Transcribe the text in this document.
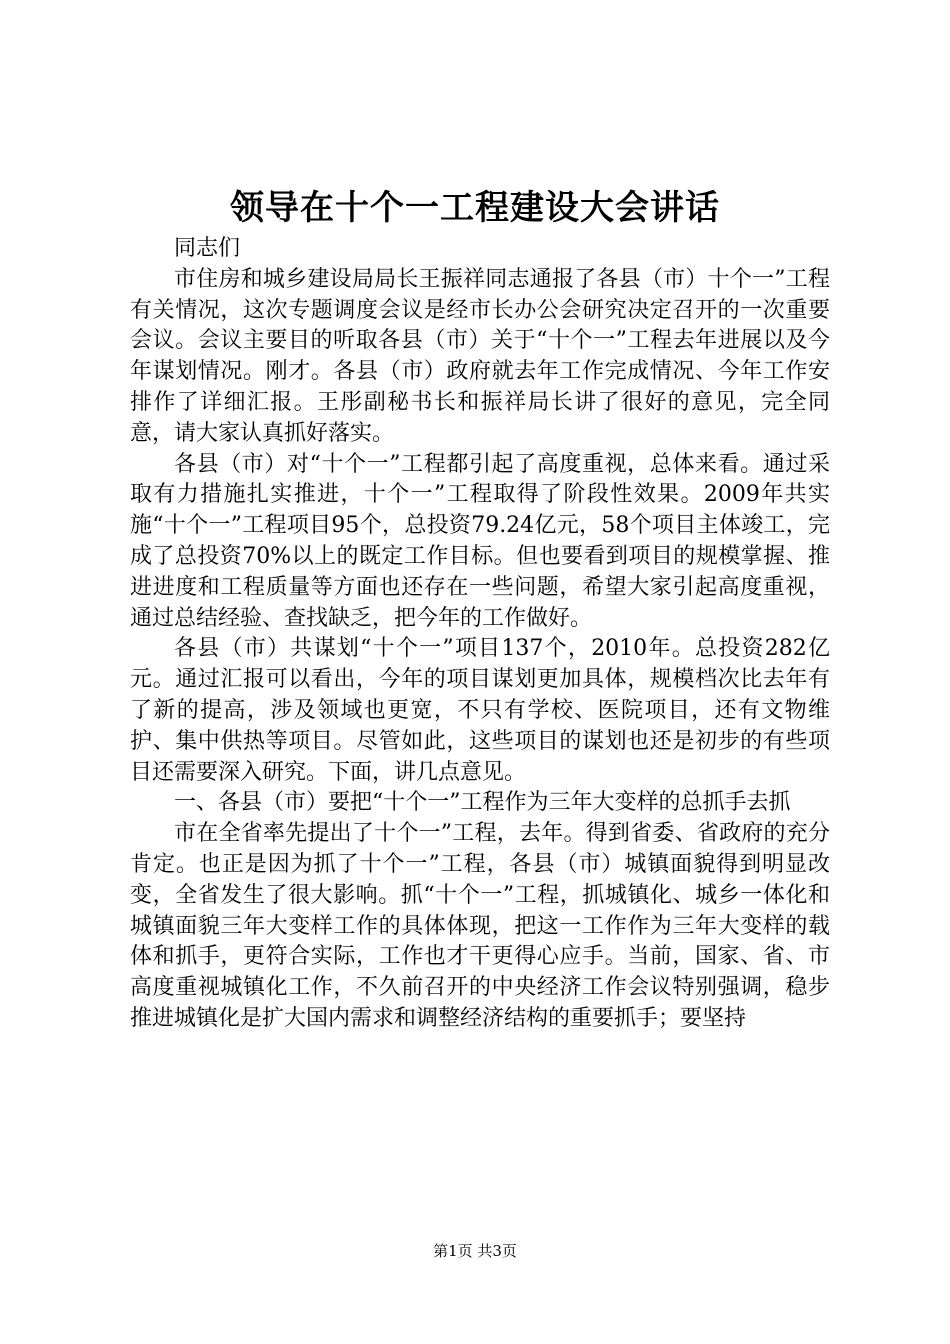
领导在十个一工程建设大会讲话

同志们

市住房和城乡建设局局长王振祥同志通报了各县（市）十个一”工程有关情况，这次专题调度会议是经市长办公会研究决定召开的一次重要会议。会议主要目的听取各县（市）关于“十个一”工程去年进展以及今年谋划情况。刚才。各县（市）政府就去年工作完成情况、今年工作安排作了详细汇报。王彤副秘书长和振祥局长讲了很好的意见，完全同意，请大家认真抓好落实。

各县（市）对“十个一”工程都引起了高度重视，总体来看。通过采取有力措施扎实推进，十个一”工程取得了阶段性效果。2009年共实施“十个一”工程项目95个，总投资79.24亿元，58个项目主体竣工，完成了总投资70%以上的既定工作目标。但也要看到项目的规模掌握、推进进度和工程质量等方面也还存在一些问题，希望大家引起高度重视，通过总结经验、查找缺乏，把今年的工作做好。

各县（市）共谋划“十个一”项目137个，2010年。总投资282亿元。通过汇报可以看出，今年的项目谋划更加具体，规模档次比去年有了新的提高，涉及领域也更宽，不只有学校、医院项目，还有文物维护、集中供热等项目。尽管如此，这些项目的谋划也还是初步的有些项目还需要深入研究。下面，讲几点意见。

一、各县（市）要把“十个一”工程作为三年大变样的总抓手去抓

市在全省率先提出了十个一”工程，去年。得到省委、省政府的充分肯定。也正是因为抓了十个一”工程，各县（市）城镇面貌得到明显改变，全省发生了很大影响。抓“十个一”工程，抓城镇化、城乡一体化和城镇面貌三年大变样工作的具体体现，把这一工作作为三年大变样的载体和抓手，更符合实际，工作也才干更得心应手。当前，国家、省、市高度重视城镇化工作，不久前召开的中央经济工作会议特别强调，稳步推进城镇化是扩大国内需求和调整经济结构的重要抓手；要坚持

第1页 共3页
